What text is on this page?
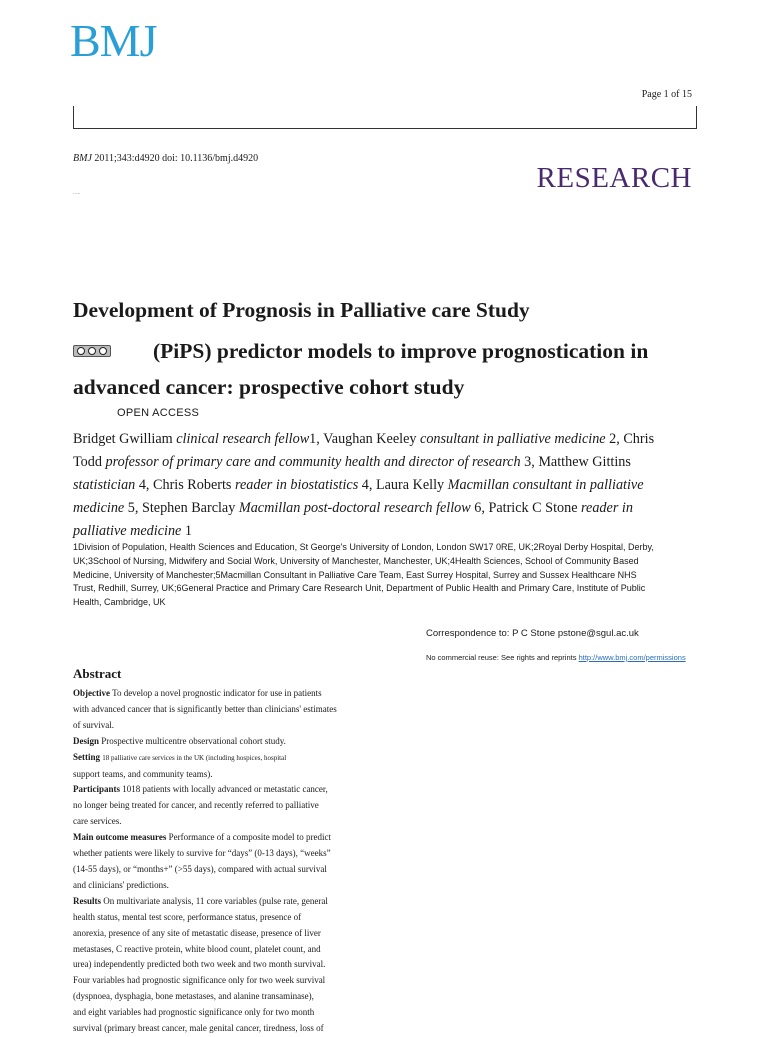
BMJ
Page 1 of 15
BMJ 2011;343:d4920 doi: 10.1136/bmj.d4920
RESEARCH
.....
Development of Prognosis in Palliative care Study
(PiPS) predictor models to improve prognostication in
advanced cancer: prospective cohort study
OPEN ACCESS
Bridget Gwilliam clinical research fellow1, Vaughan Keeley consultant in palliative medicine 2, Chris
Todd professor of primary care and community health and director of research 3, Matthew Gittins
statistician 4, Chris Roberts reader in biostatistics 4, Laura Kelly Macmillan consultant in palliative
medicine 5, Stephen Barclay Macmillan post-doctoral research fellow 6, Patrick C Stone reader in
palliative medicine 1
1Division of Population, Health Sciences and Education, St George's University of London, London SW17 0RE, UK;2Royal Derby Hospital, Derby,
UK;3School of Nursing, Midwifery and Social Work, University of Manchester, Manchester, UK;4Health Sciences, School of Community Based
Medicine, University of Manchester;5Macmillan Consultant in Palliative Care Team, East Surrey Hospital, Surrey and Sussex Healthcare NHS
Trust, Redhill, Surrey, UK;6General Practice and Primary Care Research Unit, Department of Public Health and Primary Care, Institute of Public
Health, Cambridge, UK
Correspondence to: P C Stone pstone@sgul.ac.uk
No commercial reuse: See rights and reprints http://www.bmj.com/permissions
Abstract
Objective To develop a novel prognostic indicator for use in patients
with advanced cancer that is significantly better than clinicians' estimates
of survival.
Design Prospective multicentre observational cohort study.
Setting 18 palliative care services in the UK (including hospices, hospital
support teams, and community teams).
Participants 1018 patients with locally advanced or metastatic cancer,
no longer being treated for cancer, and recently referred to palliative
care services.
Main outcome measures Performance of a composite model to predict
whether patients were likely to survive for “days” (0-13 days), “weeks”
(14-55 days), or “months+” (>55 days), compared with actual survival
and clinicians' predictions.
Results On multivariate analysis, 11 core variables (pulse rate, general
health status, mental test score, performance status, presence of
anorexia, presence of any site of metastatic disease, presence of liver
metastases, C reactive protein, white blood count, platelet count, and
urea) independently predicted both two week and two month survival.
Four variables had prognostic significance only for two week survival
(dyspnoea, dysphagia, bone metastases, and alanine transaminase),
and eight variables had prognostic significance only for two month
survival (primary breast cancer, male genital cancer, tiredness, loss of
